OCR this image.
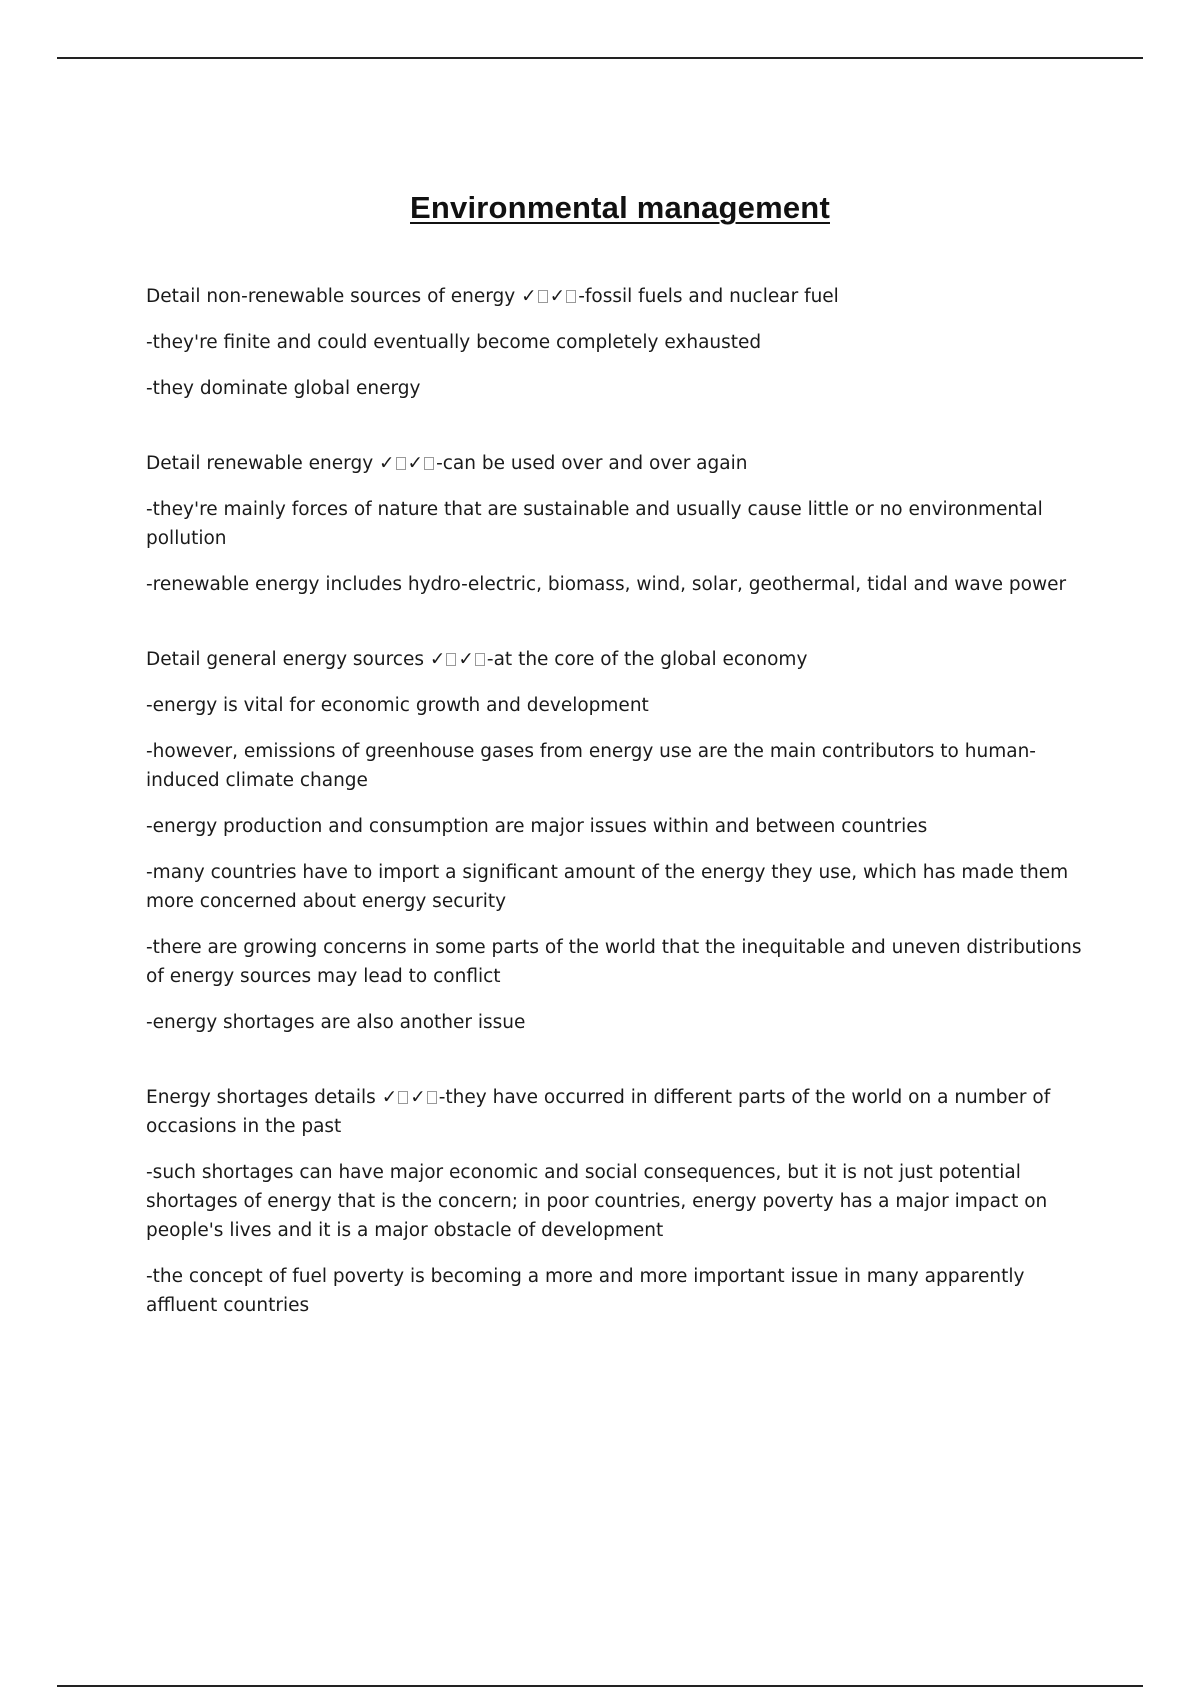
Environmental management

Detail non-renewable sources of energy ✓ ✓ -fossil fuels and nuclear fuel

-they're finite and could eventually become completely exhausted

-they dominate global energy

Detail renewable energy ✓ ✓ -can be used over and over again

-they're mainly forces of nature that are sustainable and usually cause little or no environmental pollution

-renewable energy includes hydro-electric, biomass, wind, solar, geothermal, tidal and wave power

Detail general energy sources ✓ ✓ -at the core of the global economy

-energy is vital for economic growth and development

-however, emissions of greenhouse gases from energy use are the main contributors to human-induced climate change

-energy production and consumption are major issues within and between countries

-many countries have to import a significant amount of the energy they use, which has made them more concerned about energy security

-there are growing concerns in some parts of the world that the inequitable and uneven distributions of energy sources may lead to conflict

-energy shortages are also another issue

Energy shortages details ✓ ✓ -they have occurred in different parts of the world on a number of occasions in the past

-such shortages can have major economic and social consequences, but it is not just potential shortages of energy that is the concern; in poor countries, energy poverty has a major impact on people's lives and it is a major obstacle of development

-the concept of fuel poverty is becoming a more and more important issue in many apparently affluent countries
